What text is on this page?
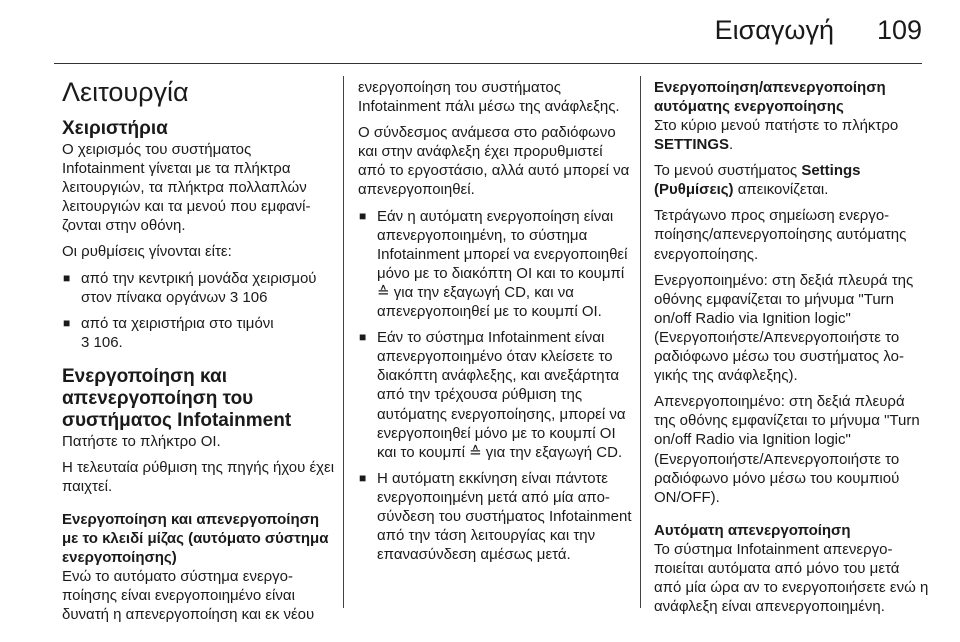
Εισαγωγή 109
Λειτουργία
Χειριστήρια

Ο χειρισμός του συστήματος Infotainment γίνεται με τα πλήκτρα λειτουργιών, τα πλήκτρα πολλαπλών λειτουργιών και τα μενού που εμφανίζονται στην οθόνη.

Οι ρυθμίσεις γίνονται είτε:

■ από την κεντρική μονάδα χειρισμού στον πίνακα οργάνων 3 106
■ από τα χειριστήρια στο τιμόνι
3 106.
Ενεργοποίηση και απενεργοποίηση του συστήματος Infotainment

Πατήστε το πλήκτρο OI.

Η τελευταία ρύθμιση της πηγής ήχου έχει παιχτεί.

Ενεργοποίηση και απενεργοποίηση με το κλειδί μίζας (αυτόματο σύστημα ενεργοποίησης)

Ενώ το αυτόματο σύστημα ενεργοποίησης είναι ενεργοποιημένο είναι δυνατή η απενεργοποίηση και εκ νέου

ενεργοποίηση του συστήματος Infotainment πάλι μέσω της ανάφλεξης.

Ο σύνδεσμος ανάμεσα στο ραδιόφωνο και στην ανάφλεξη έχει προρυθμιστεί από το εργοστάσιο, αλλά αυτό μπορεί να απενεργοποιηθεί.

■ Εάν η αυτόματη ενεργοποίηση είναι απενεργοποιημένη, το σύστημα Infotainment μπορεί να ενεργοποιηθεί μόνο με το διακόπτη OI και το κουμπί ≙ για την εξαγωγή CD, και να απενεργοποιηθεί με το κουμπί OI.
■ Εάν το σύστημα Infotainment είναι απενεργοποιημένο όταν κλείσετε το διακόπτη ανάφλεξης, και ανεξάρτητα από την τρέχουσα ρύθμιση της αυτόματης ενεργοποίησης, μπορεί να ενεργοποιηθεί μόνο με το κουμπί OI και το κουμπί ≙ για την εξαγωγή CD.
■ Η αυτόματη εκκίνηση είναι πάντοτε ενεργοποιημένη μετά από μία αποσύνδεση του συστήματος Infotainment από την τάση λειτουργίας και την επανασύνδεση αμέσως μετά.
Ενεργοποίηση/απενεργοποίηση αυτόματης ενεργοποίησης

Στο κύριο μενού πατήστε το πλήκτρο SETTINGS.

Το μενού συστήματος Settings (Ρυθμίσεις) απεικονίζεται.

Τετράγωνο προς σημείωση ενεργοποίησης/απενεργοποίησης αυτόματης ενεργοποίησης.

Ενεργοποιημένο: στη δεξιά πλευρά της οθόνης εμφανίζεται το μήνυμα "Turn on/off Radio via Ignition logic" (Ενεργοποιήστε/Απενεργοποιήστε το ραδιόφωνο μέσω του συστήματος λογικής της ανάφλεξης).

Απενεργοποιημένο: στη δεξιά πλευρά της οθόνης εμφανίζεται το μήνυμα "Turn on/off Radio via Ignition logic" (Ενεργοποιήστε/Απενεργοποιήστε το ραδιόφωνο μόνο μέσω του κουμπιού ON/OFF).

Αυτόματη απενεργοποίηση

Το σύστημα Infotainment απενεργοποιείται αυτόματα από μόνο του μετά από μία ώρα αν το ενεργοποιήσετε ενώ η ανάφλεξη είναι απενεργοποιημένη.
